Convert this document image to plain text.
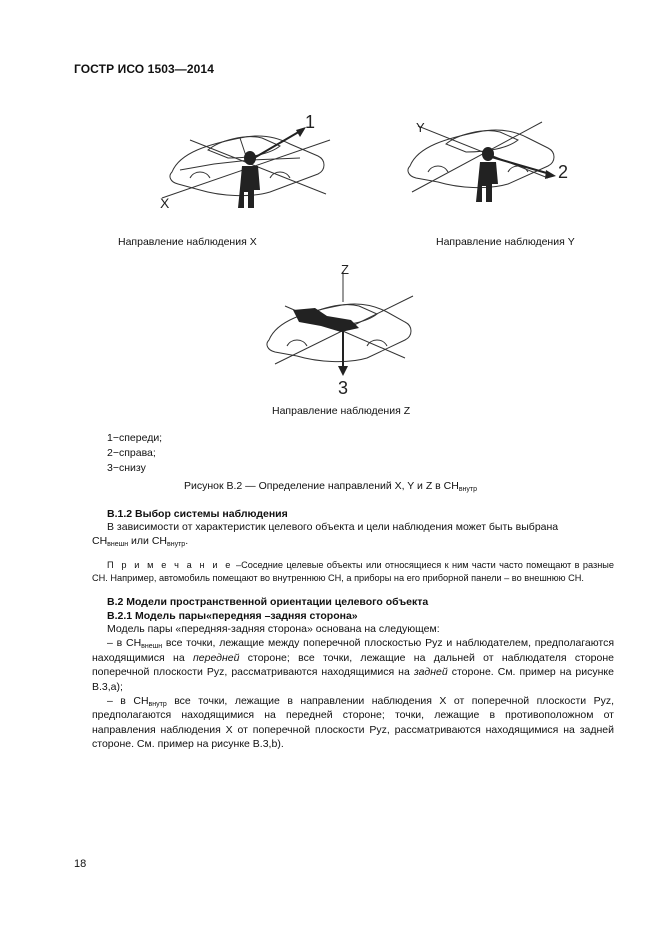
ГОСТР ИСО 1503—2014
1
X
2
Y
Направление наблюдения X	Направление наблюдения Y
3
Z
Направление наблюдения Z
1−спереди;
2−справа;
3−снизу
Рисунок В.2 — Определение направлений X, Y и Z в $СН_{внутр}$
В.1.2 Выбор системы наблюдения
В зависимости от характеристик целевого объекта и цели наблюдения может быть выбрана
$СН_{внешн}$ или $СН_{внутр}$.
П р и м е ч а н и е –Соседние целевые объекты или относящиеся к ним части часто помещают в разные СН. Например, автомобиль помещают во внутреннюю СН, а приборы на его приборной панели – во внешнюю СН.
В.2 Модели пространственной ориентации целевого объекта
В.2.1 Модель пары«передняя –задняя сторона»
Модель пары «передняя-задняя сторона» основана на следующем:
– в $СН_{внешн}$ все точки, лежащие между поперечной плоскостью Pyz и наблюдателем, предполагаются находящимися на передней стороне; все точки, лежащие на дальней от наблюдателя стороне поперечной плоскости Pyz, рассматриваются находящимися на задней стороне. См. пример на рисунке В.3,а);
– в $СН_{внутр}$ все точки, лежащие в направлении наблюдения X от поперечной плоскости Pyz, предполагаются находящимися на передней стороне; точки, лежащие в противоположном от направления наблюдения X от поперечной плоскости Pyz, рассматриваются находящимися на задней стороне. См. пример на рисунке В.3,b).
18
